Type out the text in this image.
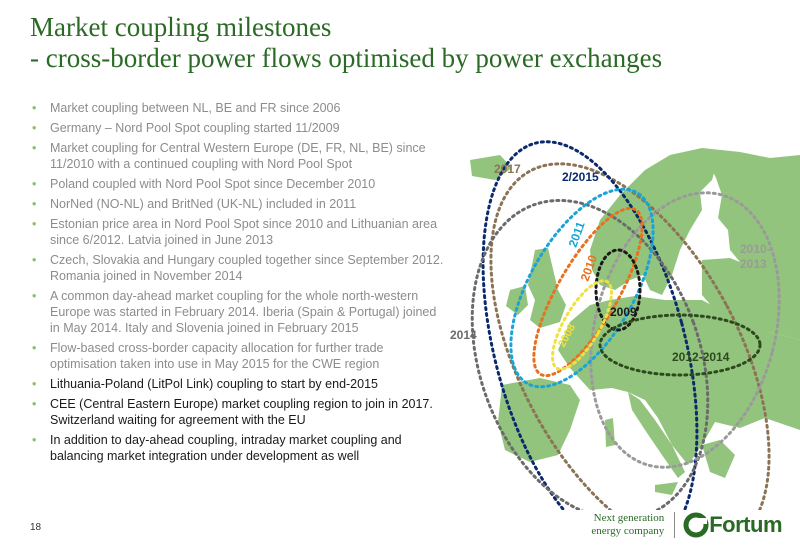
Market coupling milestones
- cross-border power flows optimised by power exchanges
• Market coupling between NL, BE and FR since 2006
• Germany – Nord Pool Spot coupling started 11/2009
• Market coupling for Central Western Europe (DE, FR, NL, BE) since 11/2010 with a continued coupling with Nord Pool Spot
• Poland coupled with Nord Pool Spot since December 2010
• NorNed (NO-NL) and BritNed (UK-NL) included in 2011
• Estonian price area in Nord Pool Spot since 2010 and Lithuanian area since 6/2012. Latvia joined in June 2013
• Czech, Slovakia and Hungary coupled together since September 2012. Romania joined in November 2014
• A common day-ahead market coupling for the whole north-western Europe was started in February 2014. Iberia (Spain & Portugal) joined in May 2014. Italy and Slovenia joined in February 2015
• Flow-based cross-border capacity allocation for further trade optimisation taken into use in May 2015 for the CWE region
• Lithuania-Poland (LitPol Link) coupling to start by end-2015
• CEE (Central Eastern Europe) market coupling region to join in 2017. Switzerland waiting for agreement with the EU
• In addition to day-ahead coupling, intraday market coupling and balancing market integration under development as well
2017
2/2015
2011
2010
2009
2008
2014
2012-2014
2010-
2013
18
Next generation
energy company Fortum
